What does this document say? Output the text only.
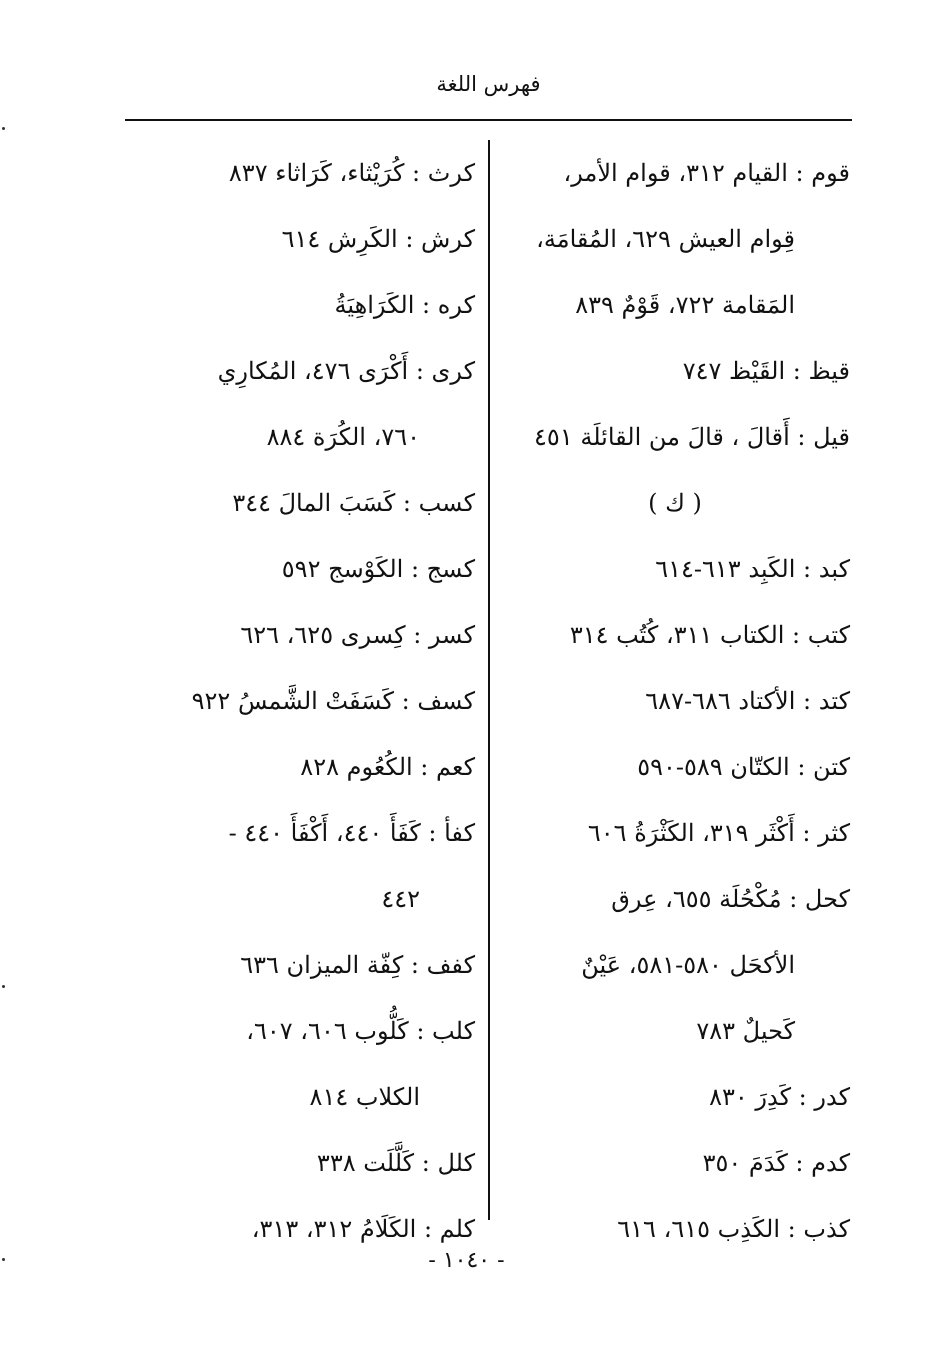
فهرس اللغة
قوم : القيام ٣١٢، قوام الأمر،
قِوام العيش ٦٢٩، المُقامَة،
المَقامة ٧٢٢، قَوْمٌ ٨٣٩
قيظ : القَيْظ ٧٤٧
قيل : أَقالَ ، قالَ من القائلَة ٤٥١
( ك )
كبد : الكَبِد ٦١٣-٦١٤
كتب : الكتاب ٣١١، كُتُب ٣١٤
كتد : الأكتاد ٦٨٦-٦٨٧
كتن : الكتّان ٥٨٩-٥٩٠
كثر : أَكْثَر ٣١٩، الكَثْرَةُ ٦٠٦
كحل : مُكْحُلَة ٦٥٥، عِرق
الأكحَل ٥٨٠-٥٨١، عَيْنٌ
كَحيلٌ ٧٨٣
كدر : كَدِرَ ٨٣٠
كدم : كَدَمَ ٣٥٠
كذب : الكَذِب ٦١٥، ٦١٦
كرث : كُرَيْثاء، كَرَاثاء ٨٣٧
كرش : الكَرِش ٦١٤
كره : الكَرَاهِيَةُ
كرى : أَكْرَى ٤٧٦، المُكارِي
٧٦٠، الكُرَة ٨٨٤
كسب : كَسَبَ المالَ ٣٤٤
كسج : الكَوْسج ٥٩٢
كسر : كِسرى ٦٢٥، ٦٢٦
كسف : كَسَفَتْ الشَّمسُ ٩٢٢
كعم : الكُعُوم ٨٢٨
كفأ : كَفَأَ ٤٤٠، أَكْفَأَ ٤٤٠ -
٤٤٢
كفف : كِفّة الميزان ٦٣٦
كلب : كَلُّوب ٦٠٦، ٦٠٧،
الكلاب ٨١٤
كلل : كَلَّلَت ٣٣٨
كلم : الكَلَامُ ٣١٢، ٣١٣،
- ١٠٤٠ -
